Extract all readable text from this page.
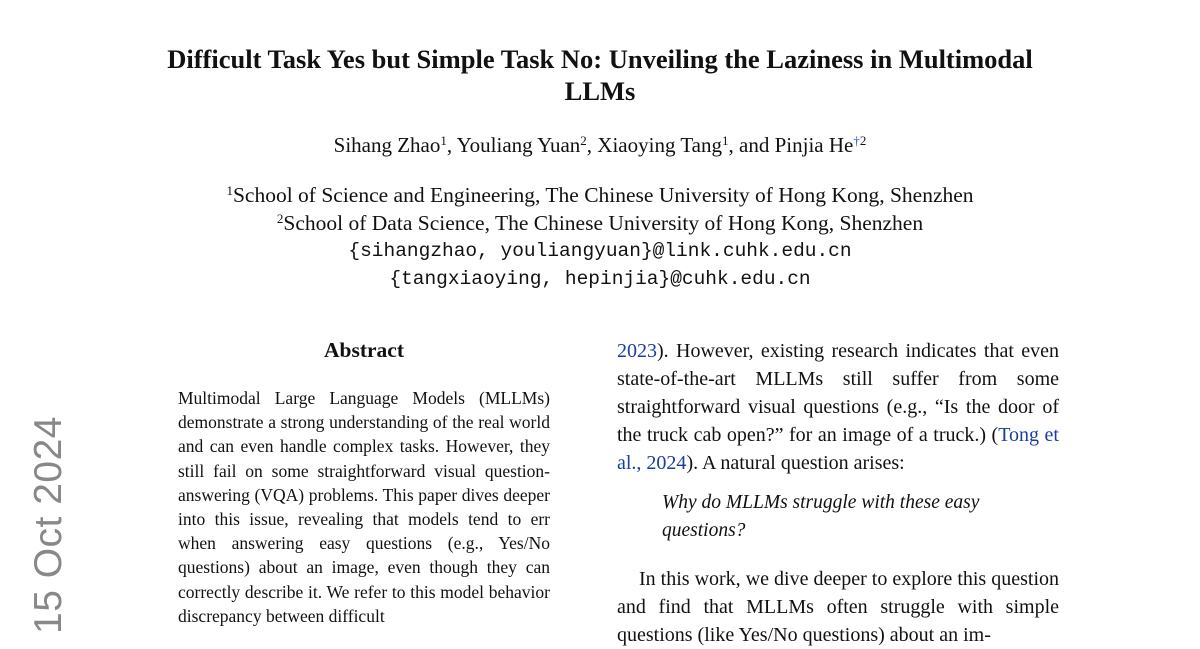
15 Oct 2024
Difficult Task Yes but Simple Task No: Unveiling the Laziness in Multimodal LLMs
Sihang Zhao$^1$, Youliang Yuan$^2$, Xiaoying Tang$^1$, and Pinjia He$^{\dagger 2}$
$^1$School of Science and Engineering, The Chinese University of Hong Kong, Shenzhen
$^2$School of Data Science, The Chinese University of Hong Kong, Shenzhen
{sihangzhao, youliangyuan}@link.cuhk.edu.cn
{tangxiaoying, hepinjia}@cuhk.edu.cn
Abstract

Multimodal Large Language Models (MLLMs) demonstrate a strong understanding of the real world and can even handle complex tasks. However, they still fail on some straightforward visual question-answering (VQA) problems. This paper dives deeper into this issue, revealing that models tend to err when answering easy questions (e.g., Yes/No questions) about an image, even though they can correctly describe it. We refer to this model behavior discrepancy between difficult

2023). However, existing research indicates that even state-of-the-art MLLMs still suffer from some straightforward visual questions (e.g., “Is the door of the truck cab open?” for an image of a truck.) (Tong et al., 2024). A natural question arises:

Why do MLLMs struggle with these easy questions?

In this work, we dive deeper to explore this question and find that MLLMs often struggle with simple questions (like Yes/No questions) about an im-
